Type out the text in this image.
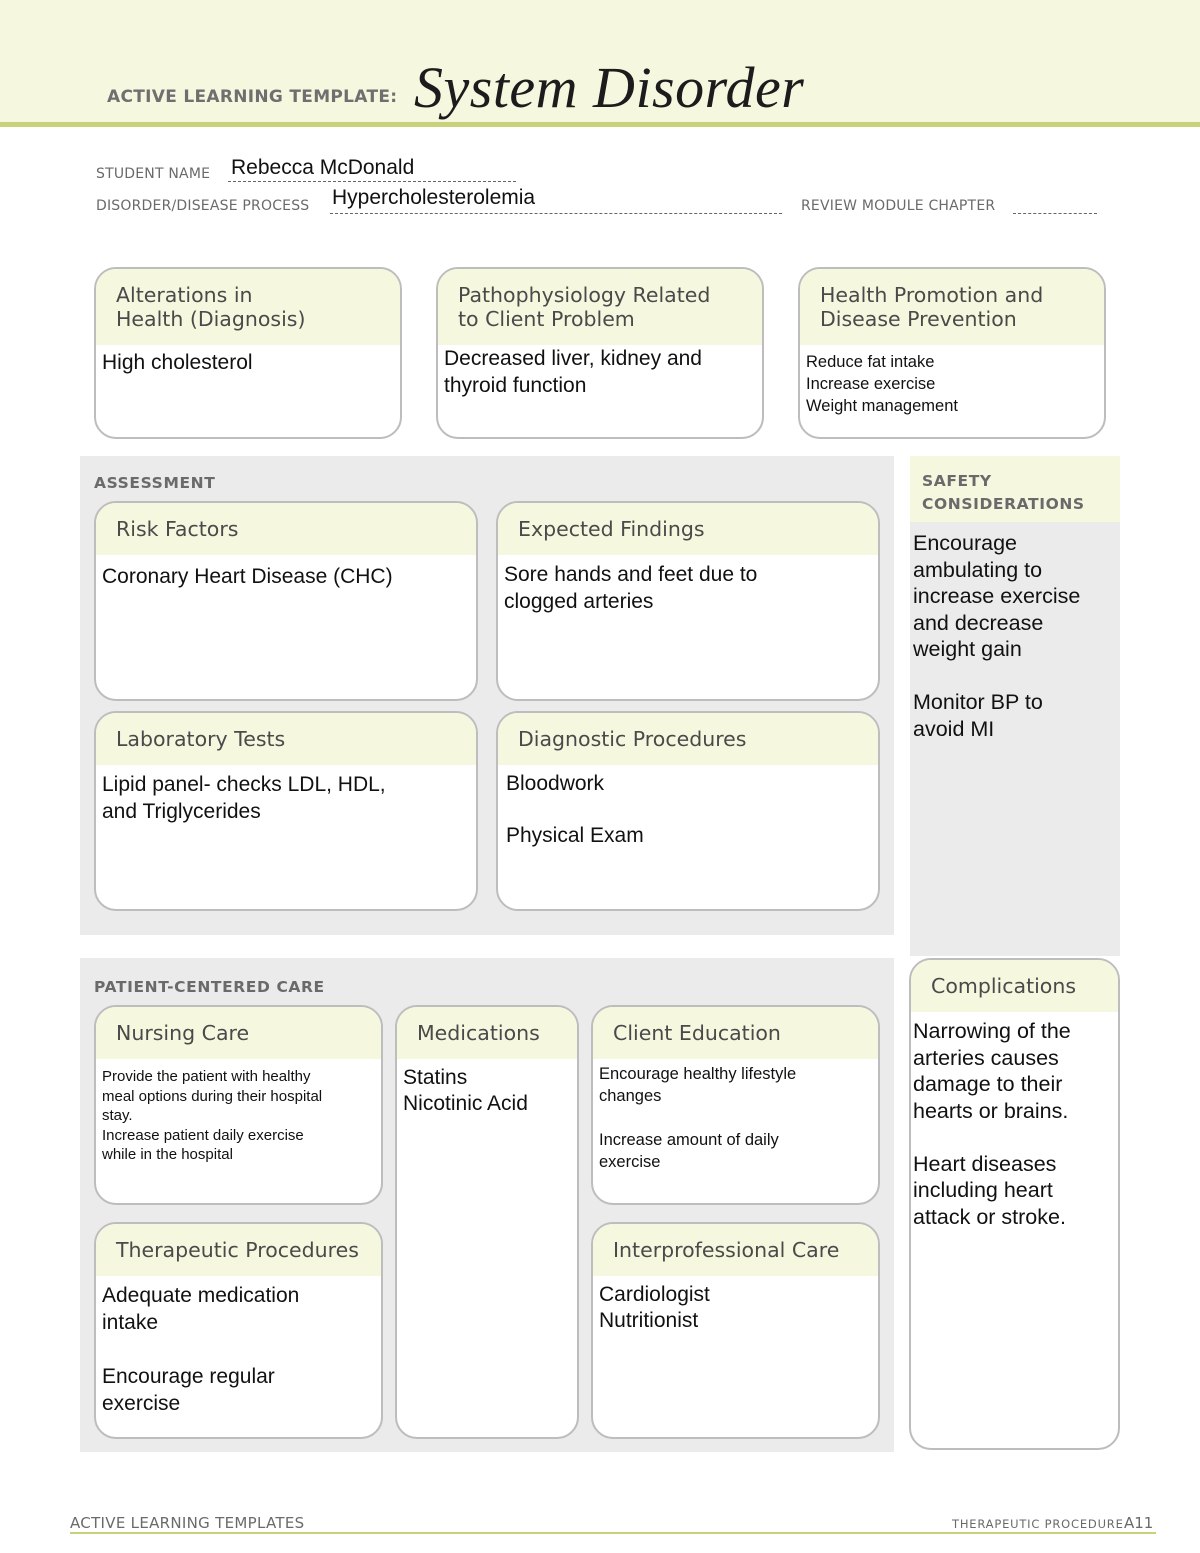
ACTIVE LEARNING TEMPLATE: System Disorder
STUDENT NAME Rebecca McDonald
DISORDER/DISEASE PROCESS Hypercholesterolemia	REVIEW MODULE CHAPTER
Alterations in
Health (Diagnosis)
High cholesterol
Pathophysiology Related
to Client Problem
Decreased liver, kidney and
thyroid function
Health Promotion and
Disease Prevention
Reduce fat intake
Increase exercise
Weight management
ASSESSMENT
Risk Factors
Coronary Heart Disease (CHC)
Expected Findings
Sore hands and feet due to
clogged arteries
Laboratory Tests
Lipid panel- checks LDL, HDL,
and Triglycerides
Diagnostic Procedures
Bloodwork

Physical Exam
SAFETY
CONSIDERATIONS
Encourage
ambulating to
increase exercise
and decrease
weight gain

Monitor BP to
avoid MI
PATIENT-CENTERED CARE
Nursing Care
Provide the patient with healthy
meal options during their hospital
stay.
Increase patient daily exercise
while in the hospital
Medications
Statins
Nicotinic Acid
Client Education
Encourage healthy lifestyle
changes

Increase amount of daily
exercise
Therapeutic Procedures
Adequate medication
intake

Encourage regular
exercise
Interprofessional Care
Cardiologist
Nutritionist
Complications
Narrowing of the
arteries causes
damage to their
hearts or brains.

Heart diseases
including heart
attack or stroke.
ACTIVE LEARNING TEMPLATES	THERAPEUTIC PROCEDURE A11
